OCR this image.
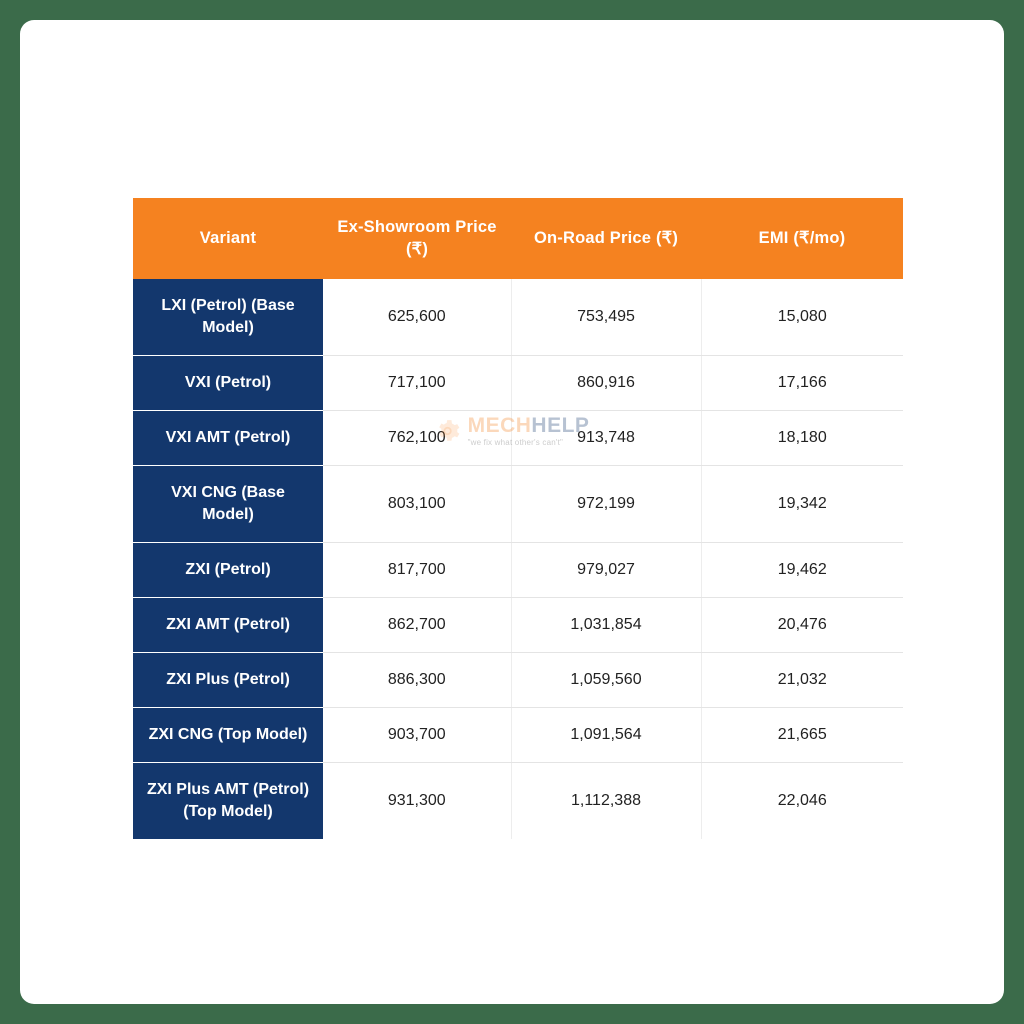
Variant	Ex-Showroom Price (₹)	On-Road Price (₹)	EMI (₹/mo)
LXI (Petrol) (Base Model)	625,600	753,495	15,080
VXI (Petrol)	717,100	860,916	17,166
VXI AMT (Petrol)	762,100	913,748	18,180
VXI CNG (Base Model)	803,100	972,199	19,342
ZXI (Petrol)	817,700	979,027	19,462
ZXI AMT (Petrol)	862,700	1,031,854	20,476
ZXI Plus (Petrol)	886,300	1,059,560	21,032
ZXI CNG (Top Model)	903,700	1,091,564	21,665
ZXI Plus AMT (Petrol) (Top Model)	931,300	1,112,388	22,046
MECHHELP
"we fix what other's can't"
